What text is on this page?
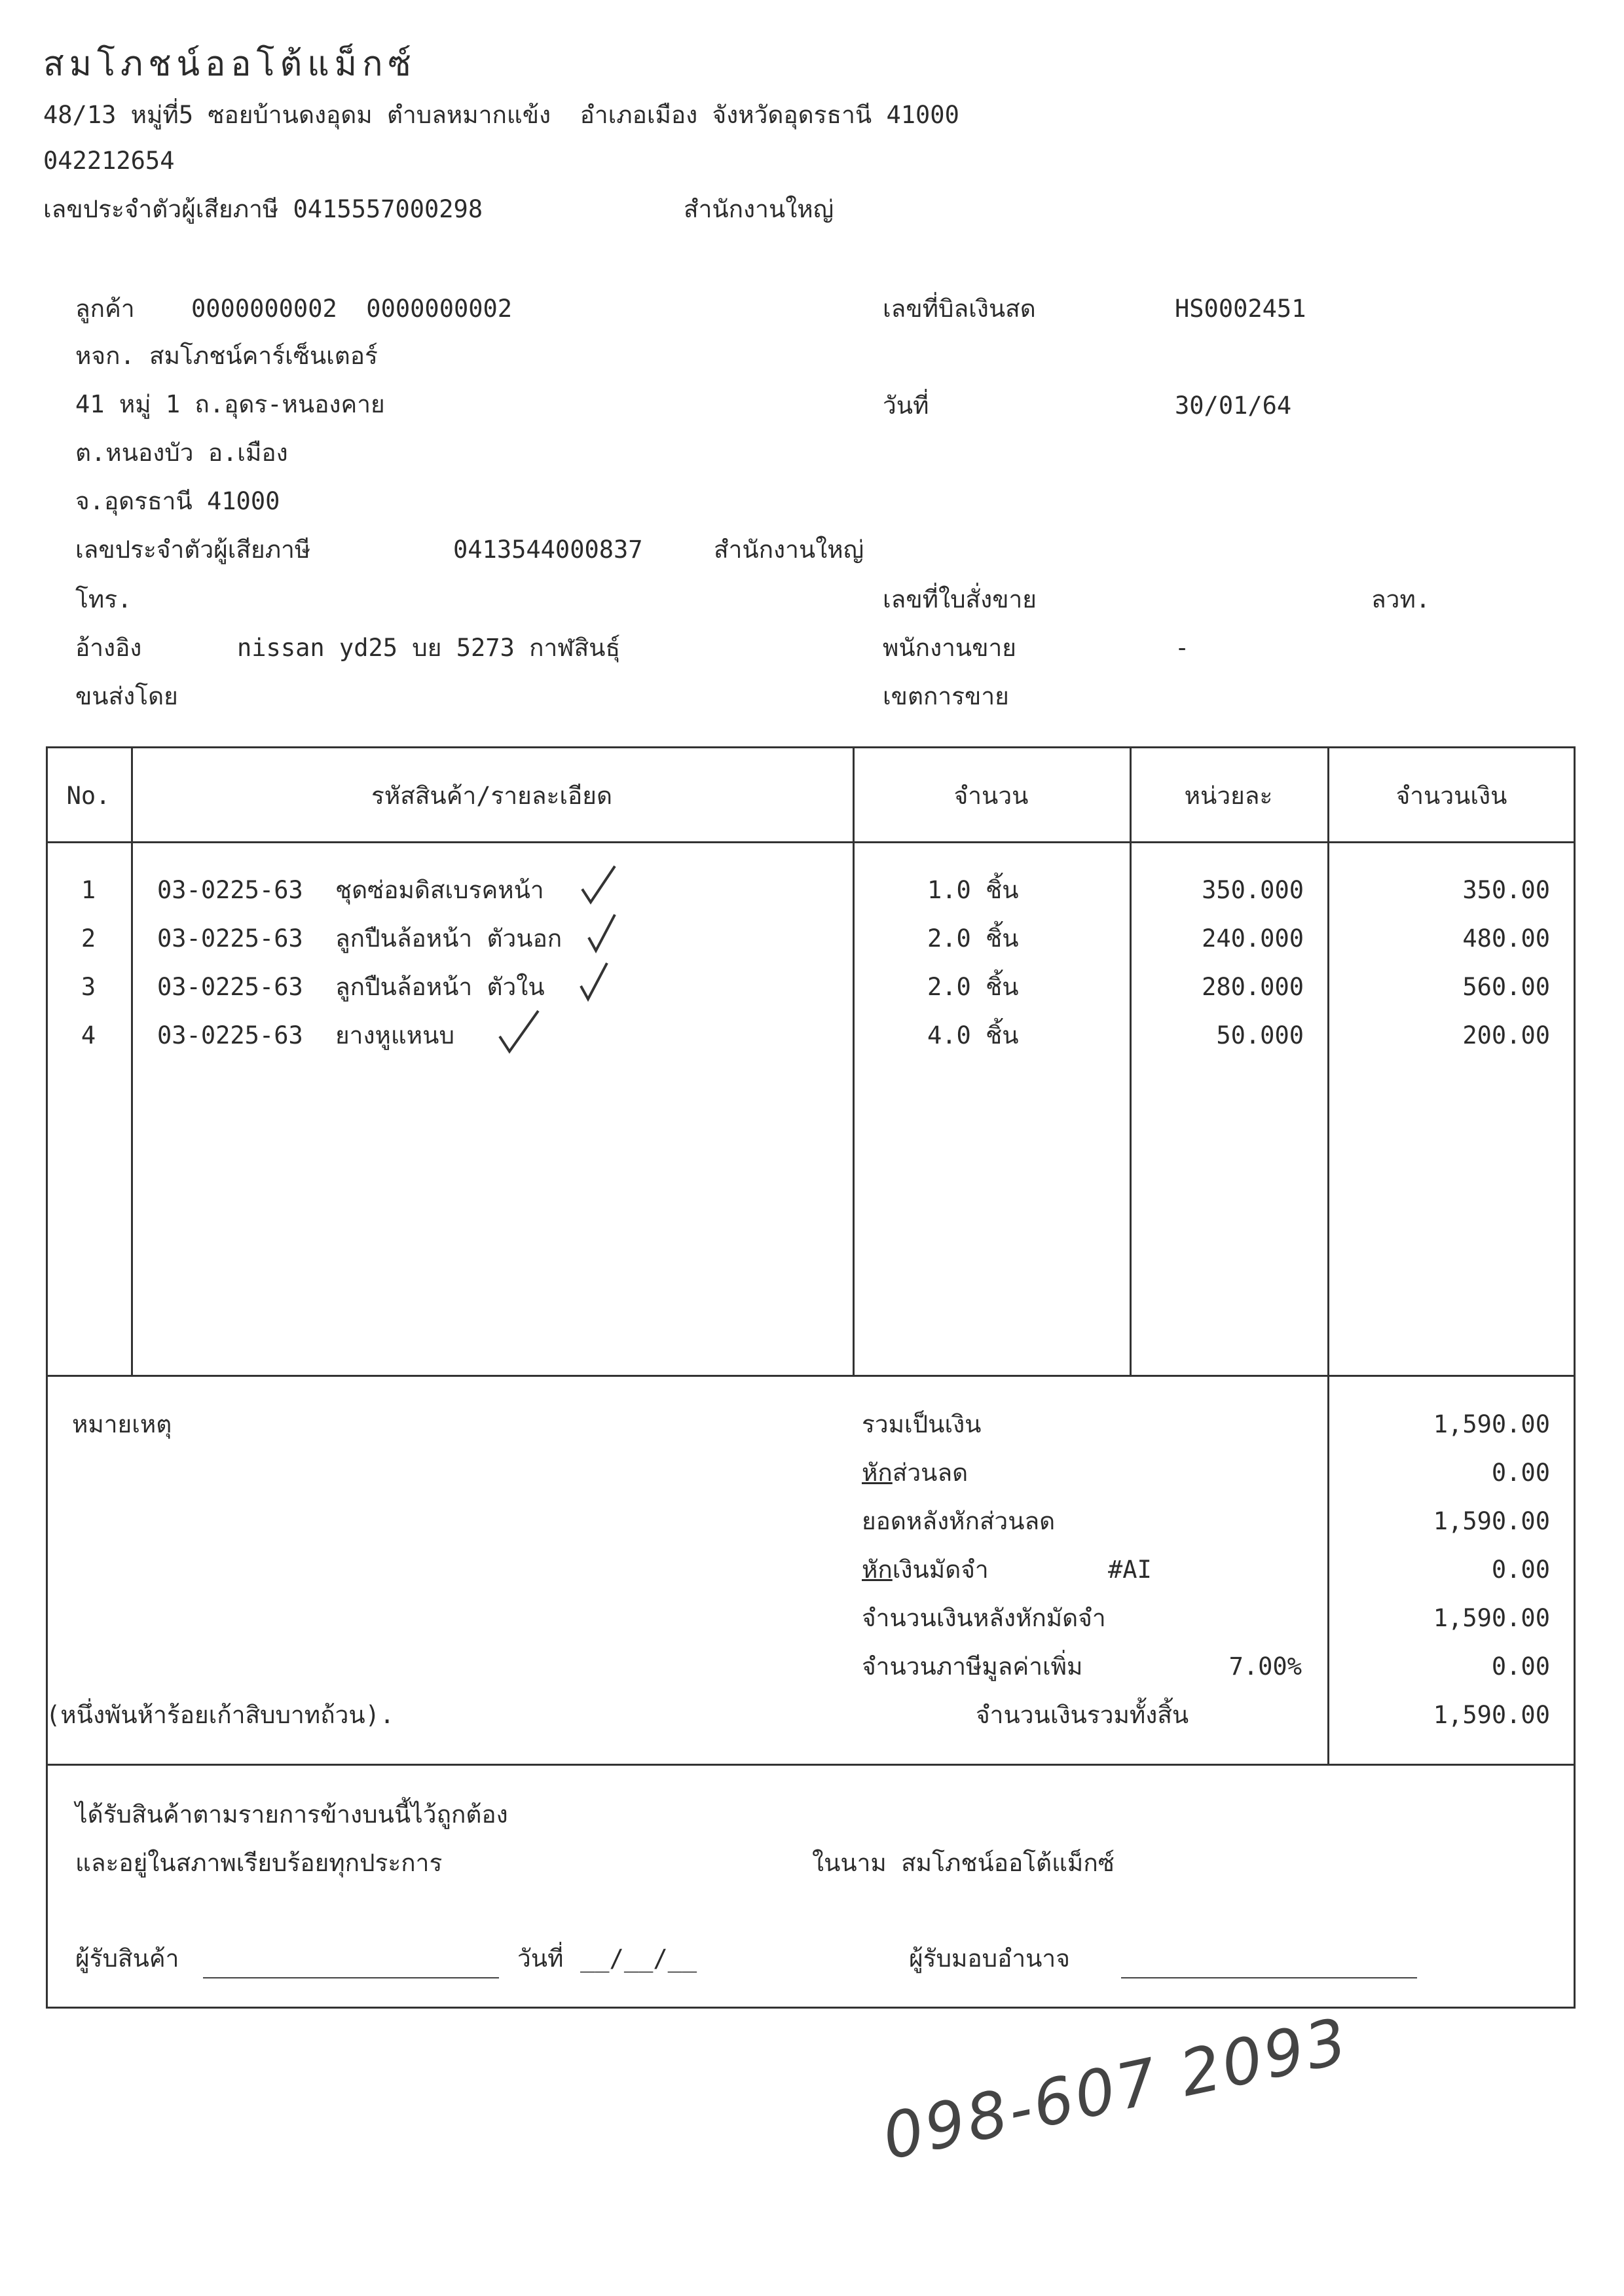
สมโภชน์ออโต้แม็กซ์
48/13 หมู่ที่5 ซอยบ้านดงอุดม ตำบลหมากแข้ง  อำเภอเมือง จังหวัดอุดรธานี 41000
042212654
เลขประจำตัวผู้เสียภาษี 0415557000298	สำนักงานใหญ่
ลูกค้า 0000000002  0000000002
หจก. สมโภชน์คาร์เซ็นเตอร์
41 หมู่ 1 ถ.อุดร-หนองคาย
ต.หนองบัว อ.เมือง
จ.อุดรธานี 41000
เลขประจำตัวผู้เสียภาษี	0413544000837	สำนักงานใหญ่
โทร.
อ้างอิง	nissan yd25 บย 5273 กาฬสินธุ์
ขนส่งโดย
เลขที่บิลเงินสด	HS0002451
วันที่	30/01/64
เลขที่ใบสั่งขาย	ลวท.
พนักงานขาย	-
เขตการขาย
No.	รหัสสินค้า/รายละเอียด	จำนวน	หน่วยละ	จำนวนเงิน
1	03-0225-63 ชุดซ่อมดิสเบรคหน้า	1.0 ชิ้น	350.000	350.00
2	03-0225-63 ลูกปืนล้อหน้า ตัวนอก	2.0 ชิ้น	240.000	480.00
3	03-0225-63 ลูกปืนล้อหน้า ตัวใน	2.0 ชิ้น	280.000	560.00
4	03-0225-63 ยางหูแหนบ	4.0 ชิ้น	50.000	200.00
หมายเหตุ
(หนึ่งพันห้าร้อยเก้าสิบบาทถ้วน).
รวมเป็นเงิน	1,590.00
หักส่วนลด	0.00
ยอดหลังหักส่วนลด	1,590.00
หักเงินมัดจำ	#AI	0.00
จำนวนเงินหลังหักมัดจำ	1,590.00
จำนวนภาษีมูลค่าเพิ่ม	7.00%	0.00
จำนวนเงินรวมทั้งสิ้น	1,590.00
ได้รับสินค้าตามรายการข้างบนนี้ไว้ถูกต้อง
และอยู่ในสภาพเรียบร้อยทุกประการ	ในนาม สมโภชน์ออโต้แม็กซ์
ผู้รับสินค้า	วันที่ __/__/__	ผู้รับมอบอำนาจ
098-607 2093
